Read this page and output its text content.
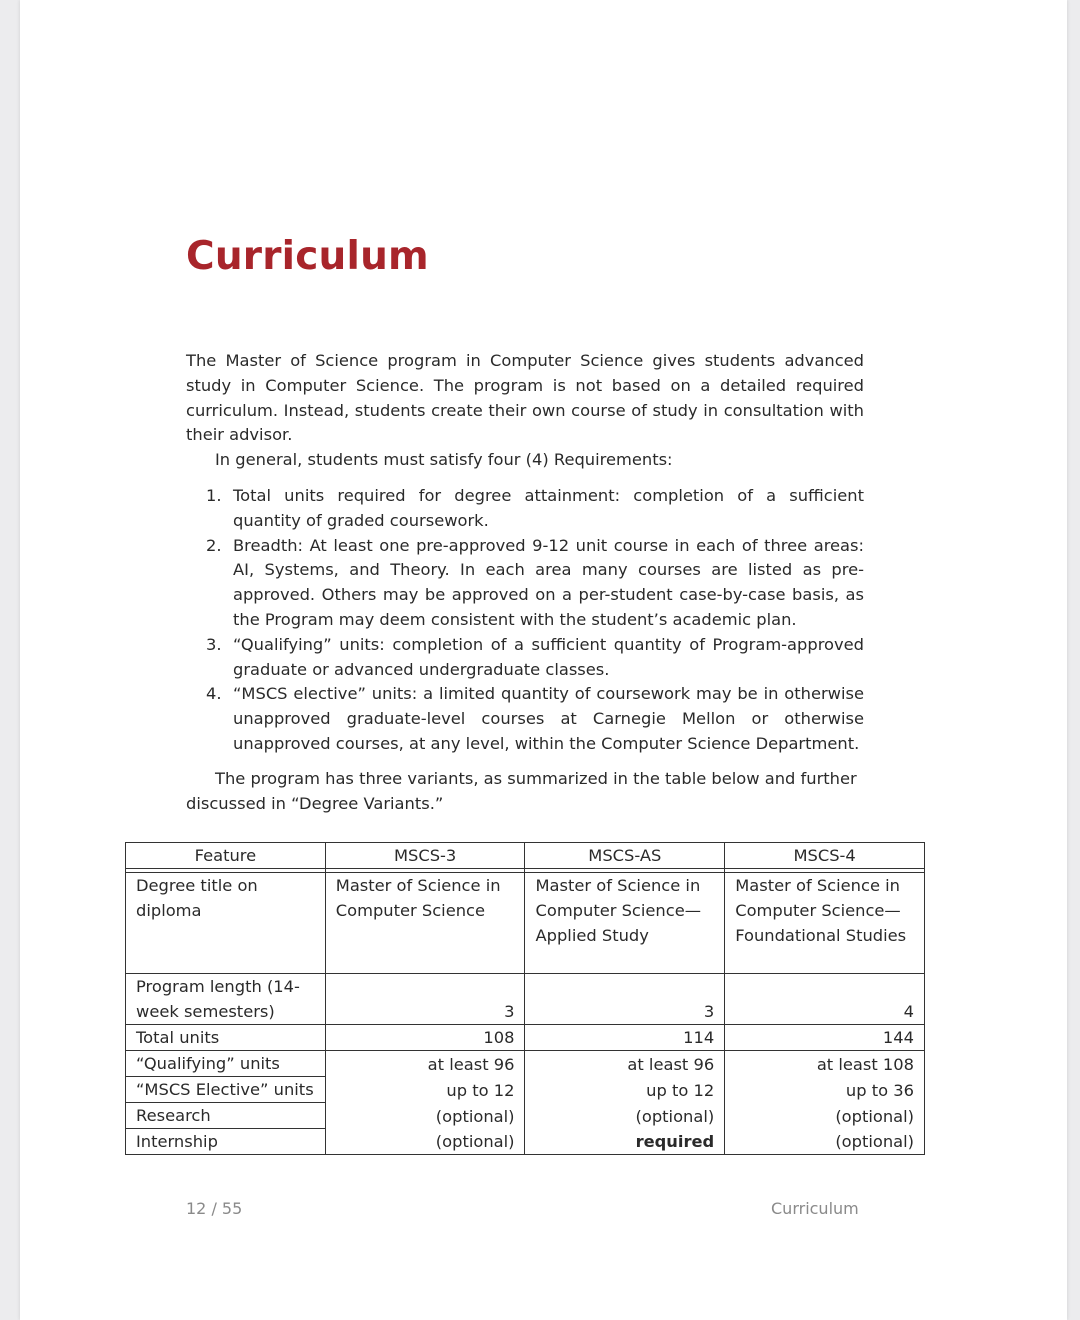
Curriculum

The Master of Science program in Computer Science gives students advanced study in Computer Science. The program is not based on a detailed required curriculum. Instead, students create their own course of study in consultation with their advisor.

In general, students must satisfy four (4) Requirements:

1. Total units required for degree attainment: completion of a sufficient quantity of graded coursework.
2. Breadth: At least one pre-approved 9-12 unit course in each of three areas: AI, Systems, and Theory. In each area many courses are listed as pre-approved. Others may be approved on a per-student case-by-case basis, as the Program may deem consistent with the student’s academic plan.
3. “Qualifying” units: completion of a sufficient quantity of Program-approved graduate or advanced undergraduate classes.
4. “MSCS elective” units: a limited quantity of coursework may be in otherwise unapproved graduate-level courses at Carnegie Mellon or otherwise unapproved courses, at any level, within the Computer Science Department.

The program has three variants, as summarized in the table below and further discussed in “Degree Variants.”

Feature	MSCS-3	MSCS-AS	MSCS-4

Degree title on diploma	Master of Science in Computer Science	Master of Science in Computer Science— Applied Study	Master of Science in Computer Science— Foundational Studies
Program length (14-week semesters)	3	3	4
Total units	108	114	144
“Qualifying” units	at least 96	at least 96	at least 108
“MSCS Elective” units	up to 12	up to 12	up to 36
Research	(optional)	(optional)	(optional)
Internship	(optional)	required	(optional)
12 / 55	Curriculum
